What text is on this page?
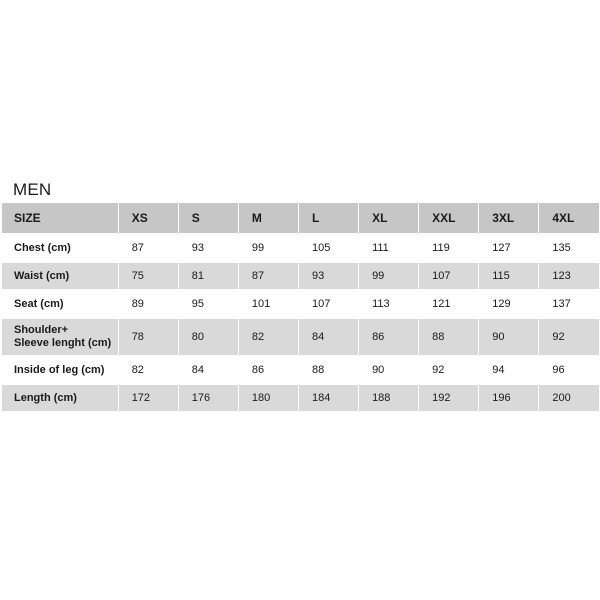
MEN
SIZE	XS	S	M	L	XL	XXL	3XL	4XL

Chest (cm)	87	93	99	105	111	119	127	135

Waist (cm)	75	81	87	93	99	107	115	123

Seat (cm)	89	95	101	107	113	121	129	137

Shoulder+
Sleeve lenght (cm)	78	80	82	84	86	88	90	92

Inside of leg (cm)	82	84	86	88	90	92	94	96

Length (cm)	172	176	180	184	188	192	196	200
